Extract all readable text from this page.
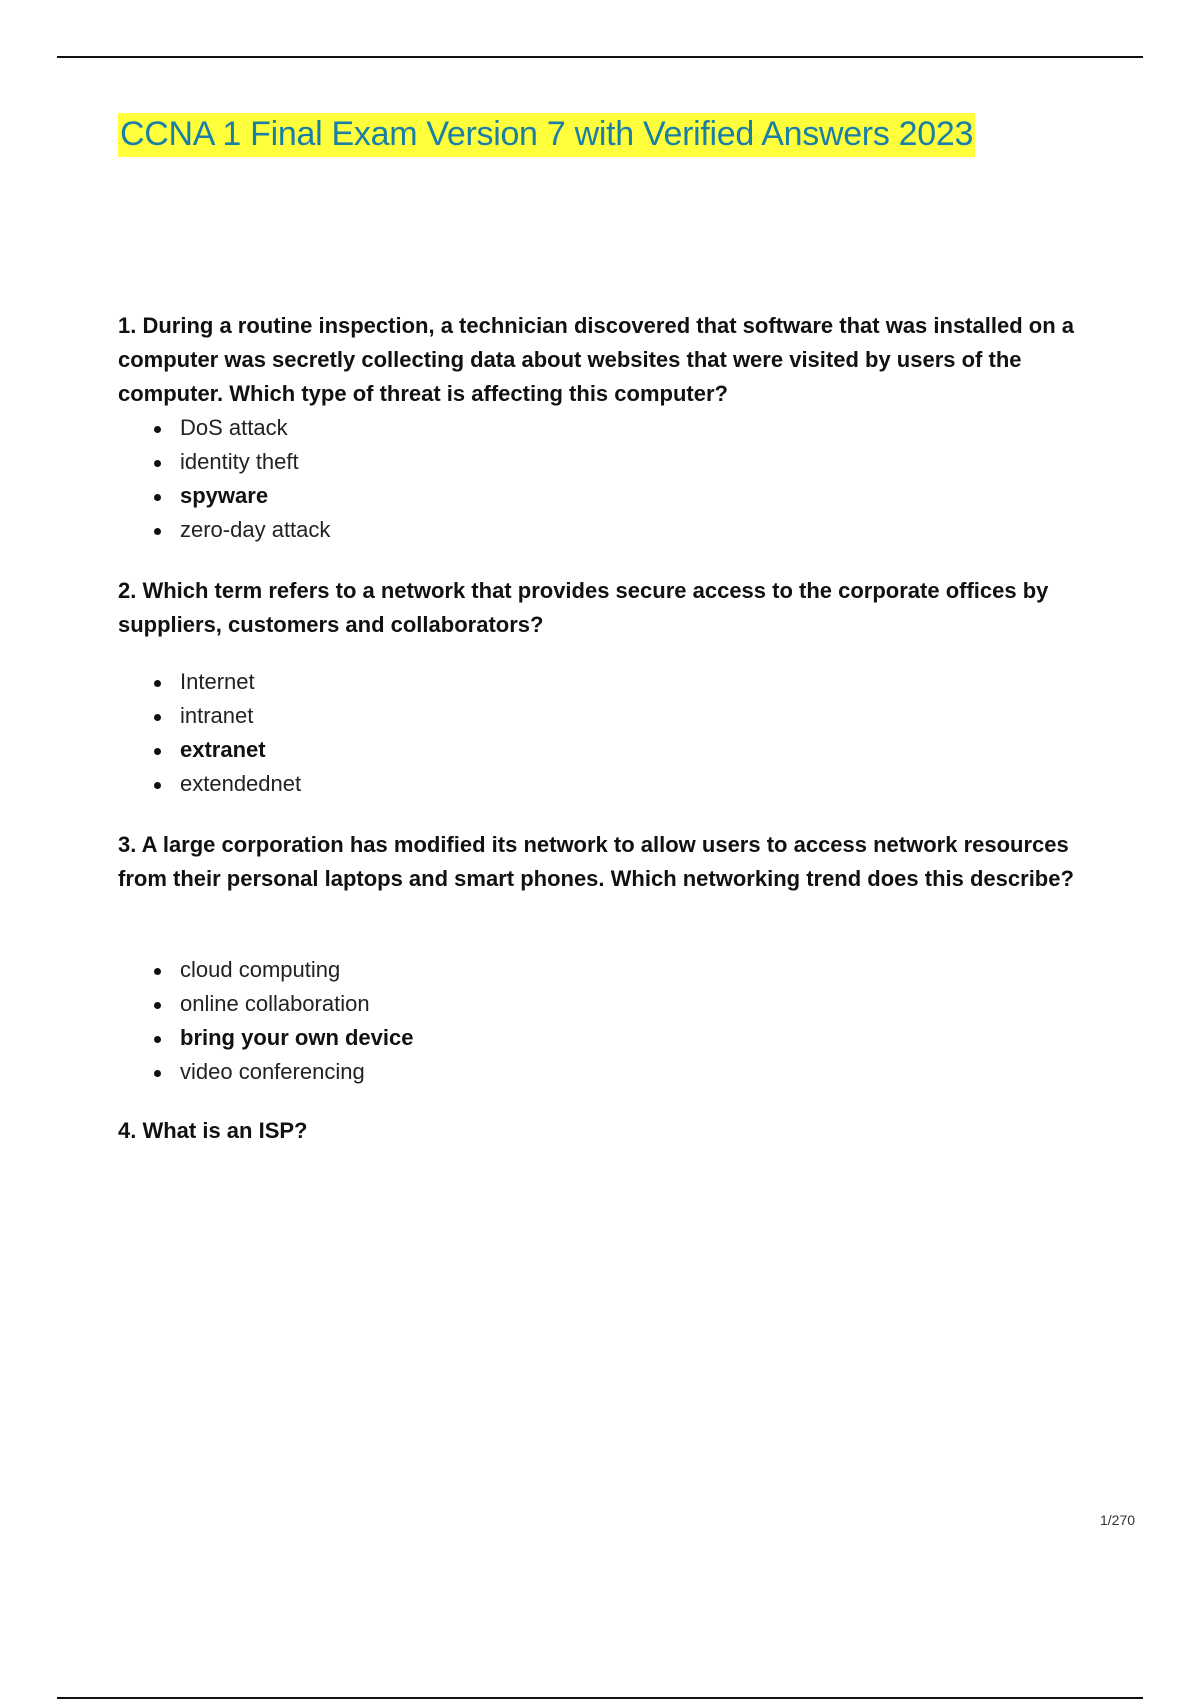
CCNA 1 Final Exam Version 7 with Verified Answers 2023

1. During a routine inspection, a technician discovered that software that was installed on a computer was secretly collecting data about websites that were visited by users of the computer. Which type of threat is affecting this computer?

DoS attack
identity theft
spyware
zero-day attack

2. Which term refers to a network that provides secure access to the corporate offices by suppliers, customers and collaborators?

Internet
intranet
extranet
extendednet

3. A large corporation has modified its network to allow users to access network resources from their personal laptops and smart phones. Which networking trend does this describe?

cloud computing
online collaboration
bring your own device
video conferencing

4. What is an ISP?

1/270
